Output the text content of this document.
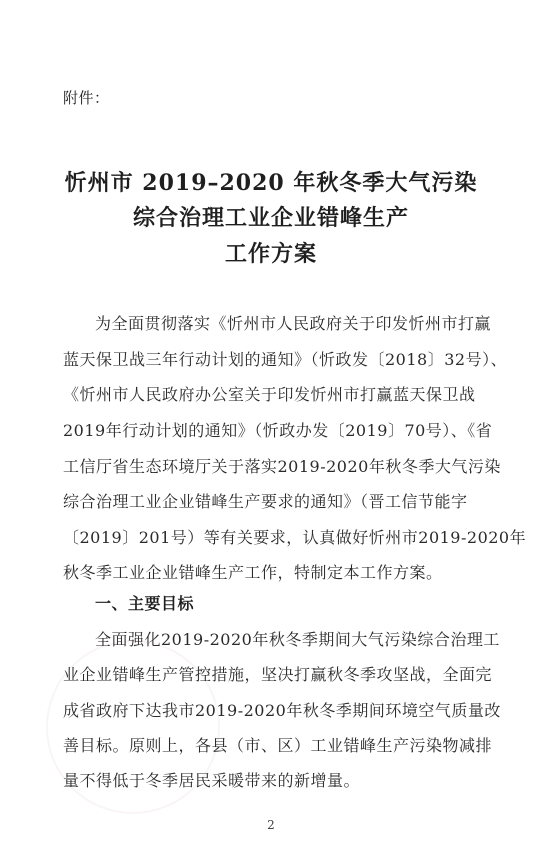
附件：
忻州市 2019–2020 年秋冬季大气污染
综合治理工业企业错峰生产
工作方案
为全面贯彻落实《忻州市人民政府关于印发忻州市打赢
蓝天保卫战三年行动计划的通知》（忻政发〔2018〕32号）、
《忻州市人民政府办公室关于印发忻州市打赢蓝天保卫战
2019年行动计划的通知》（忻政办发〔2019〕70号）、《省
工信厅省生态环境厅关于落实2019-2020年秋冬季大气污染
综合治理工业企业错峰生产要求的通知》（晋工信节能字
〔2019〕201号）等有关要求，认真做好忻州市2019-2020年
秋冬季工业企业错峰生产工作，特制定本工作方案。
一、主要目标
全面强化2019-2020年秋冬季期间大气污染综合治理工
业企业错峰生产管控措施，坚决打赢秋冬季攻坚战，全面完
成省政府下达我市2019-2020年秋冬季期间环境空气质量改
善目标。原则上，各县（市、区）工业错峰生产污染物减排
量不得低于冬季居民采暖带来的新增量。
2
